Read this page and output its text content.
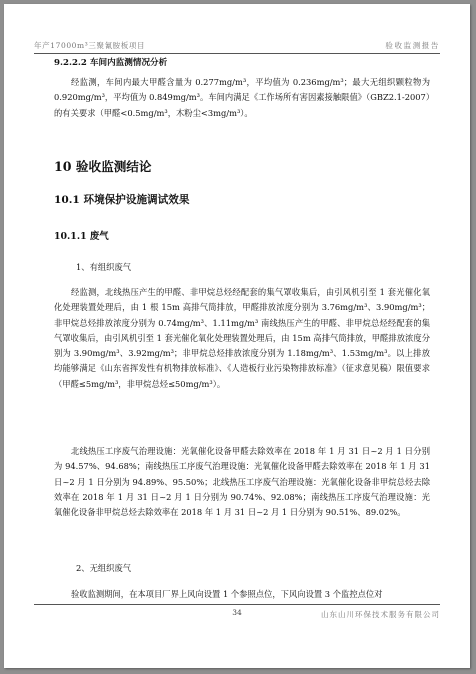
年产17000m³三聚氰胺板项目	验收监测报告
9.2.2.2 车间内监测情况分析
经监测，车间内最大甲醛含量为 0.277mg/m³，平均值为 0.236mg/m³；最大无组织颗粒物为 0.920mg/m³，平均值为 0.849mg/m³。车间内满足《工作场所有害因素接触限值》（GBZ2.1-2007）的有关要求（甲醛<0.5mg/m³，木粉尘<3mg/m³）。
10 验收监测结论
10.1 环境保护设施调试效果
10.1.1 废气
1、有组织废气
经监测，北线热压产生的甲醛、非甲烷总烃经配套的集气罩收集后，由引风机引至 1 套光催化氧化处理装置处理后，由 1 根 15m 高排气筒排放，甲醛排放浓度分别为 3.76mg/m³、3.90mg/m³；非甲烷总烃排放浓度分别为 0.74mg/m³、1.11mg/m³ 南线热压产生的甲醛、非甲烷总烃经配套的集气罩收集后，由引风机引至 1 套光催化氧化处理装置处理后，由 15m 高排气筒排放，甲醛排放浓度分别为 3.90mg/m³、3.92mg/m³；非甲烷总烃排放浓度分别为 1.18mg/m³、1.53mg/m³。以上排放均能够满足《山东省挥发性有机物排放标准》、《人造板行业污染物排放标准》（征求意见稿）限值要求（甲醛≤5mg/m³，非甲烷总烃≤50mg/m³）。
北线热压工序废气治理设施：光氧催化设备甲醛去除效率在 2018 年 1 月 31 日~2 月 1 日分别为 94.57%、94.68%；南线热压工序废气治理设施：光氧催化设备甲醛去除效率在 2018 年 1 月 31 日~2 月 1 日分别为 94.89%、95.50%；北线热压工序废气治理设施：光氧催化设备非甲烷总烃去除效率在 2018 年 1 月 31 日~2 月 1 日分别为 90.74%、92.08%；南线热压工序废气治理设施：光氧催化设备非甲烷总烃去除效率在 2018 年 1 月 31 日~2 月 1 日分别为 90.51%、89.02%。
2、无组织废气
验收监测期间，在本项目厂界上风向设置 1 个参照点位，下风向设置 3 个监控点位对
山东山川环保技术服务有限公司
34
